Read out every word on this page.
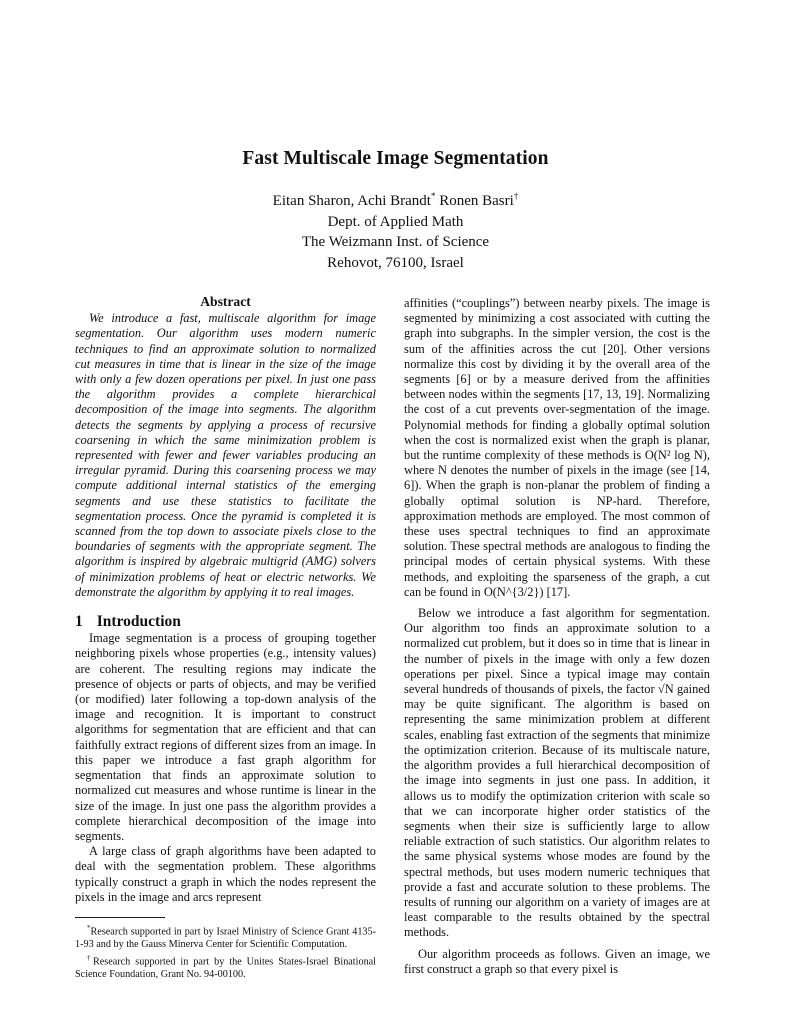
Fast Multiscale Image Segmentation
Eitan Sharon, Achi Brandt* Ronen Basri†
Dept. of Applied Math
The Weizmann Inst. of Science
Rehovot, 76100, Israel
Abstract

We introduce a fast, multiscale algorithm for image segmentation. Our algorithm uses modern numeric techniques to find an approximate solution to normalized cut measures in time that is linear in the size of the image with only a few dozen operations per pixel. In just one pass the algorithm provides a complete hierarchical decomposition of the image into segments. The algorithm detects the segments by applying a process of recursive coarsening in which the same minimization problem is represented with fewer and fewer variables producing an irregular pyramid. During this coarsening process we may compute additional internal statistics of the emerging segments and use these statistics to facilitate the segmentation process. Once the pyramid is completed it is scanned from the top down to associate pixels close to the boundaries of segments with the appropriate segment. The algorithm is inspired by algebraic multigrid (AMG) solvers of minimization problems of heat or electric networks. We demonstrate the algorithm by applying it to real images.

1 Introduction

Image segmentation is a process of grouping together neighboring pixels whose properties (e.g., intensity values) are coherent. The resulting regions may indicate the presence of objects or parts of objects, and may be verified (or modified) later following a top-down analysis of the image and recognition. It is important to construct algorithms for segmentation that are efficient and that can faithfully extract regions of different sizes from an image. In this paper we introduce a fast graph algorithm for segmentation that finds an approximate solution to normalized cut measures and whose runtime is linear in the size of the image. In just one pass the algorithm provides a complete hierarchical decomposition of the image into segments.

A large class of graph algorithms have been adapted to deal with the segmentation problem. These algorithms typically construct a graph in which the nodes represent the pixels in the image and arcs represent

*Research supported in part by Israel Ministry of Science Grant 4135-1-93 and by the Gauss Minerva Center for Scientific Computation.

†Research supported in part by the Unites States-Israel Binational Science Foundation, Grant No. 94-00100.

affinities (“couplings”) between nearby pixels. The image is segmented by minimizing a cost associated with cutting the graph into subgraphs. In the simpler version, the cost is the sum of the affinities across the cut [20]. Other versions normalize this cost by dividing it by the overall area of the segments [6] or by a measure derived from the affinities between nodes within the segments [17, 13, 19]. Normalizing the cost of a cut prevents over-segmentation of the image. Polynomial methods for finding a globally optimal solution when the cost is normalized exist when the graph is planar, but the runtime complexity of these methods is O(N² log N), where N denotes the number of pixels in the image (see [14, 6]). When the graph is non-planar the problem of finding a globally optimal solution is NP-hard. Therefore, approximation methods are employed. The most common of these uses spectral techniques to find an approximate solution. These spectral methods are analogous to finding the principal modes of certain physical systems. With these methods, and exploiting the sparseness of the graph, a cut can be found in O(N^{3/2}) [17].

Below we introduce a fast algorithm for segmentation. Our algorithm too finds an approximate solution to a normalized cut problem, but it does so in time that is linear in the number of pixels in the image with only a few dozen operations per pixel. Since a typical image may contain several hundreds of thousands of pixels, the factor √N gained may be quite significant. The algorithm is based on representing the same minimization problem at different scales, enabling fast extraction of the segments that minimize the optimization criterion. Because of its multiscale nature, the algorithm provides a full hierarchical decomposition of the image into segments in just one pass. In addition, it allows us to modify the optimization criterion with scale so that we can incorporate higher order statistics of the segments when their size is sufficiently large to allow reliable extraction of such statistics. Our algorithm relates to the same physical systems whose modes are found by the spectral methods, but uses modern numeric techniques that provide a fast and accurate solution to these problems. The results of running our algorithm on a variety of images are at least comparable to the results obtained by the spectral methods.

Our algorithm proceeds as follows. Given an image, we first construct a graph so that every pixel is
